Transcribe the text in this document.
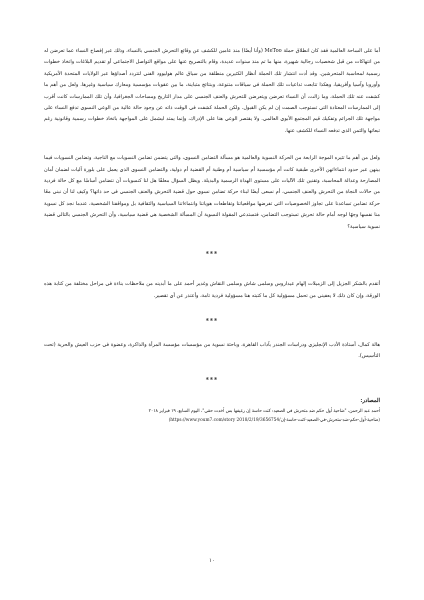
أما على الساحة العالمية فقد كان انطلاق حملة MeToo (وأنا أيضًا) منذ عامين للكشف عن وقائع التحرش الجنسي بالنساء، وذلك عبر إفصاح النساء عما تعرضن له من انتهاكات من قبل شخصيات رجالية شهيرة، منها ما تم منذ سنوات عديدة، وقام بالتصريح عنها على مواقع التواصل الاجتماعي أو تقديم البلاغات واتخاذ خطوات رسمية لمحاسبة المتحرشين. وقد أدت انتشار تلك الحملة أنظار الكثيرين منطلقة من سياق عالم هوليوود الفني لتتردد أصداؤها عبر الولايات المتحدة الأمريكية وأوروبا وآسيا وأفريقيا، وهكذا تتابعت تداعيات تلك الحملة في سياقات متنوعة، وبنتائج متباينة، ما بين عقوبات مؤسسية ومعارك سياسية وغيرها. ولعل من أهم ما كشفت عنه تلك الحملة، وما زالت، أن النساء تعرضن ويتعرضن للتحرش والعنف الجنسي على مدار التاريخ ومساحات الجغرافيا، وأن تلك الممارسات كانت أقرب إلى الممارسات المعتادة التي تستوجب الصمت إن لم يكن القبول. ولكن الحملة كشفت في الوقت ذاته عن وجود حالة عالية من الوعي النسوي تدفع النساء على مواجهة تلك الجرائم وتفكيك قيم المجتمع الأبوي العالمي. ولا يقتصر الوعي هنا على الإدراك، وإنما يمتد ليشمل على المواجهة باتخاذ خطوات رسمية وقانونية رغم تبعاتها والثمن الذي تدفعه النساء للكشف عنها.

ولعل من أهم ما تثيره الموجة الرابعة من الحركة النسوية والعالمية هو مسألة التضامن النسوي، والتي يتضمن تضامن النسويات مع الناجية، وتضامن النسويات فيما بينهن عبر حدود انتماءاتهن الأخرى طبقية كانت أم مؤسسية أم سياسية أم وطنية أم القضية أم دولية، والتضامن النسوي الذي يعمل على بلورة آليات لضمان أمان المصارحة وعدالة المحاسبة، وتقنين تلك الآليات على مستوى الهداة الرسمية والبديلة. ويظل السؤال معلقًا هل لنا كنسويات أن نتضامن أساسًا مع كل حالة فردية من حالات النجاة من التحرش والعنف الجنسي، أم نسعى أيضًا لبناء حركة تضامن نسوي حول قضية التحرش والعنف الجنسي في حد ذاتها؟ وكيف لنا أن نبني معًا حركة تضامن تساعدنا على تجاوز الخصوصيات التي تفرضها مواقعياتنا وتقاطعات هوياتنا وانتماءاتنا السياسية والثقافية بل ومواقفنا الشخصية، عندما نجد كل نسوية منا نفسها وجهًا لوجه أمام حالة تحرش تستوجب التضامن، فتستدعي المقولة النسوية أن المسألة الشخصية هي قضية سياسية، وأن التحرش الجنسي بالتالي قضية نسوية سياسية؟

***

أتقدم بالشكر الجزيل إلى الزميلات إلهام عيداروس وسلمى شاش وسلمى النقاش وغدير أحمد على ما أبدينه من ملاحظات بناءة في مراحل مختلفة من كتابة هذه الورقة، وإن كان ذلك لا يعفيني من تحمل مسؤولية كل ما كتبته هنا مسؤولية فردية تامة، وأعتذر عن أي تقصير.

***

هالة كمال، أستاذة الأدب الإنجليزي ودراسات الجندر بآداب القاهرة، وباحثة نسوية من مؤسسات مؤسسة المرأة والذاكرة، وعضوة في حزب العيش والحرية (تحت التأسيس).

***
المصادر:

أحمد عبد الرحمن، "ضاحية أول حكم ضد متحرش في الصعيد: كنت حاسة إن رغيفها بس أخدت حقي"، اليوم السابع، ١٩ فبراير ٢٠١٨

(ضاحية-أول-حكم-ضد-متحرش-في-الصعيد-كنت-حاسة-إن/2018/2/19/3656754 https://www.youm7.com/story)

١٠
